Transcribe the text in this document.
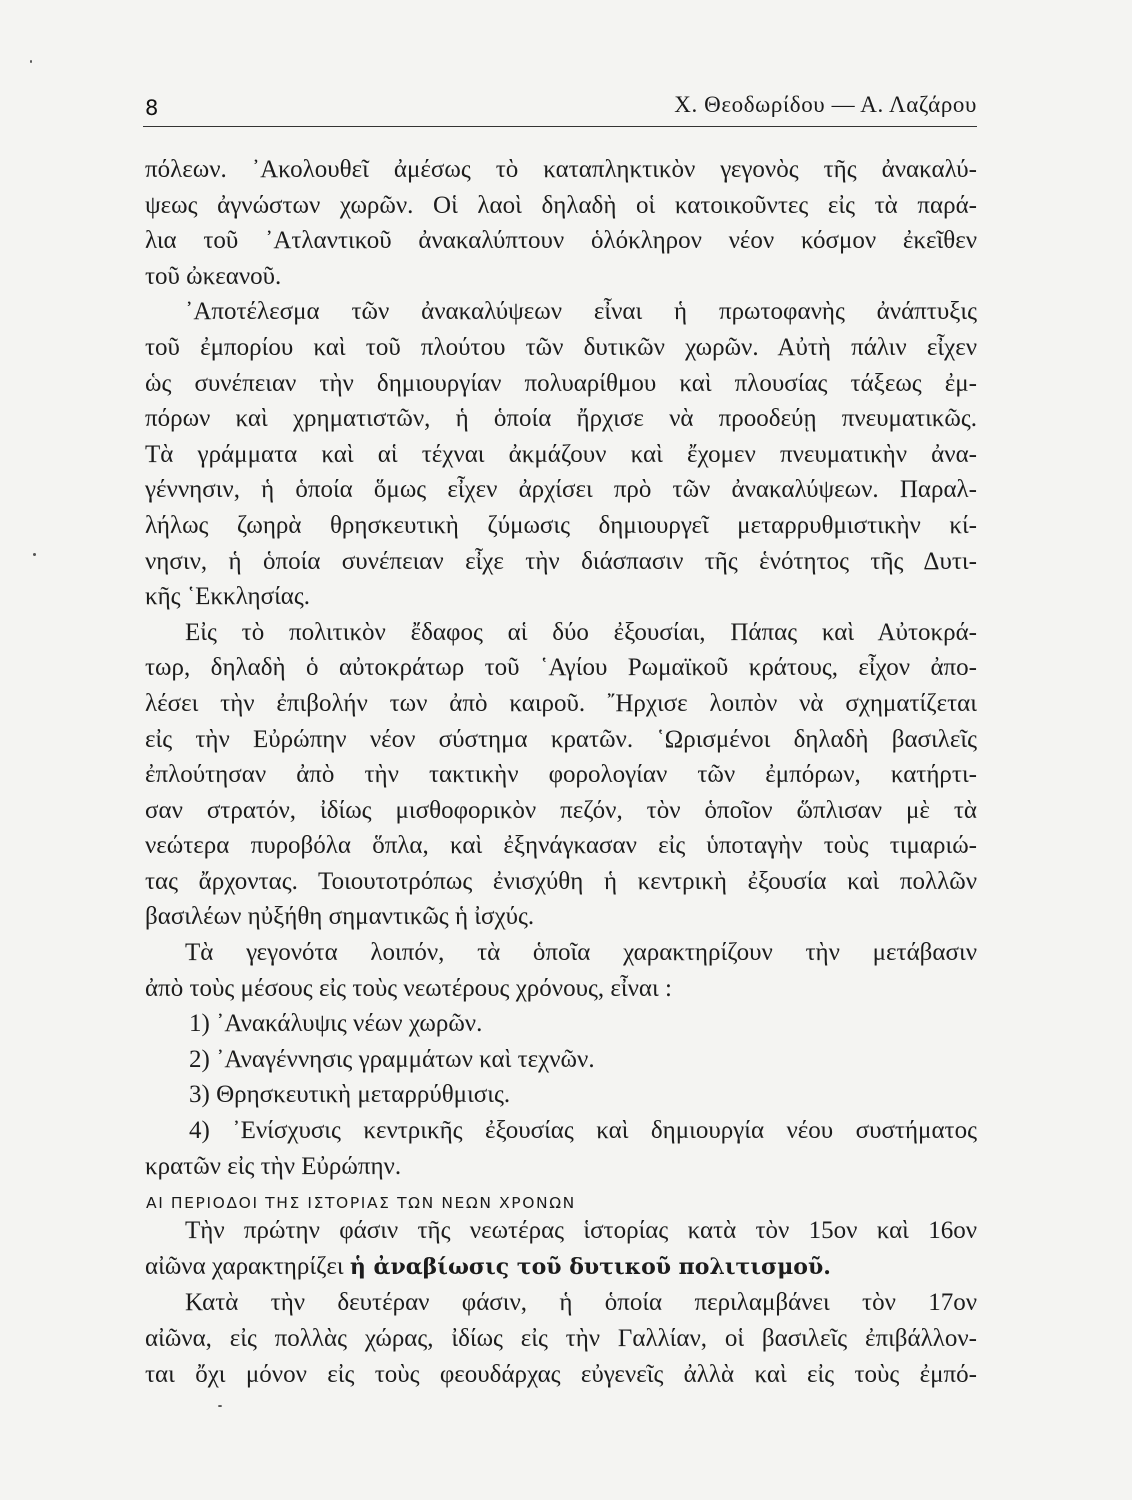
8	Χ. Θεοδωρίδου — Α. Λαζάρου
πόλεων. ᾿Ακολουθεῖ ἀμέσως τὸ καταπληκτικὸν γεγονὸς τῆς ἀνακαλύ-
ψεως ἀγνώστων χωρῶν. Οἱ λαοὶ δηλαδὴ οἱ κατοικοῦντες εἰς τὰ παρά-
λια τοῦ ᾿Ατλαντικοῦ ἀνακαλύπτουν ὁλόκληρον νέον κόσμον ἐκεῖθεν
τοῦ ὠκεανοῦ.
᾿Αποτέλεσμα τῶν ἀνακαλύψεων εἶναι ἡ πρωτοφανὴς ἀνάπτυξις
τοῦ ἐμπορίου καὶ τοῦ πλούτου τῶν δυτικῶν χωρῶν. Αὐτὴ πάλιν εἶχεν
ὡς συνέπειαν τὴν δημιουργίαν πολυαρίθμου καὶ πλουσίας τάξεως ἐμ-
πόρων καὶ χρηματιστῶν, ἡ ὁποία ἤρχισε νὰ προοδεύῃ πνευματικῶς.
Τὰ γράμματα καὶ αἱ τέχναι ἀκμάζουν καὶ ἔχομεν πνευματικὴν ἀνα-
γέννησιν, ἡ ὁποία ὅμως εἶχεν ἀρχίσει πρὸ τῶν ἀνακαλύψεων. Παραλ-
λήλως ζωηρὰ θρησκευτικὴ ζύμωσις δημιουργεῖ μεταρρυθμιστικὴν κί-
νησιν, ἡ ὁποία συνέπειαν εἶχε τὴν διάσπασιν τῆς ἑνότητος τῆς Δυτι-
κῆς ῾Εκκλησίας.
Εἰς τὸ πολιτικὸν ἔδαφος αἱ δύο ἐξουσίαι, Πάπας καὶ Αὐτοκρά-
τωρ, δηλαδὴ ὁ αὐτοκράτωρ τοῦ ῾Αγίου Ρωμαϊκοῦ κράτους, εἶχον ἀπο-
λέσει τὴν ἐπιβολήν των ἀπὸ καιροῦ. ῎Ηρχισε λοιπὸν νὰ σχηματίζεται
εἰς τὴν Εὐρώπην νέον σύστημα κρατῶν. ῾Ωρισμένοι δηλαδὴ βασιλεῖς
ἐπλούτησαν ἀπὸ τὴν τακτικὴν φορολογίαν τῶν ἐμπόρων, κατήρτι-
σαν στρατόν, ἰδίως μισθοφορικὸν πεζόν, τὸν ὁποῖον ὥπλισαν μὲ τὰ
νεώτερα πυροβόλα ὅπλα, καὶ ἐξηνάγκασαν εἰς ὑποταγὴν τοὺς τιμαριώ-
τας ἄρχοντας. Τοιουτοτρόπως ἐνισχύθη ἡ κεντρικὴ ἐξουσία καὶ πολλῶν
βασιλέων ηὐξήθη σημαντικῶς ἡ ἰσχύς.
Τὰ γεγονότα λοιπόν, τὰ ὁποῖα χαρακτηρίζουν τὴν μετάβασιν
ἀπὸ τοὺς μέσους εἰς τοὺς νεωτέρους χρόνους, εἶναι :
1) ᾿Ανακάλυψις νέων χωρῶν.
2) ᾿Αναγέννησις γραμμάτων καὶ τεχνῶν.
3) Θρησκευτικὴ μεταρρύθμισις.
4) ᾿Ενίσχυσις κεντρικῆς ἐξουσίας καὶ δημιουργία νέου συστήματος
κρατῶν εἰς τὴν Εὐρώπην.
ΑΙ ΠΕΡΙΟΔΟΙ ΤΗΣ ΙΣΤΟΡΙΑΣ ΤΩΝ ΝΕΩΝ ΧΡΟΝΩΝ
Τὴν πρώτην φάσιν τῆς νεωτέρας ἱστορίας κατὰ τὸν 15ον καὶ 16ον
αἰῶνα χαρακτηρίζει ἡ ἀναβίωσις τοῦ δυτικοῦ πολιτισμοῦ.
Κατὰ τὴν δευτέραν φάσιν, ἡ ὁποία περιλαμβάνει τὸν 17ον
αἰῶνα, εἰς πολλὰς χώρας, ἰδίως εἰς τὴν Γαλλίαν, οἱ βασιλεῖς ἐπιβάλλον-
ται ὄχι μόνον εἰς τοὺς φεουδάρχας εὐγενεῖς ἀλλὰ καὶ εἰς τοὺς ἐμπό-
